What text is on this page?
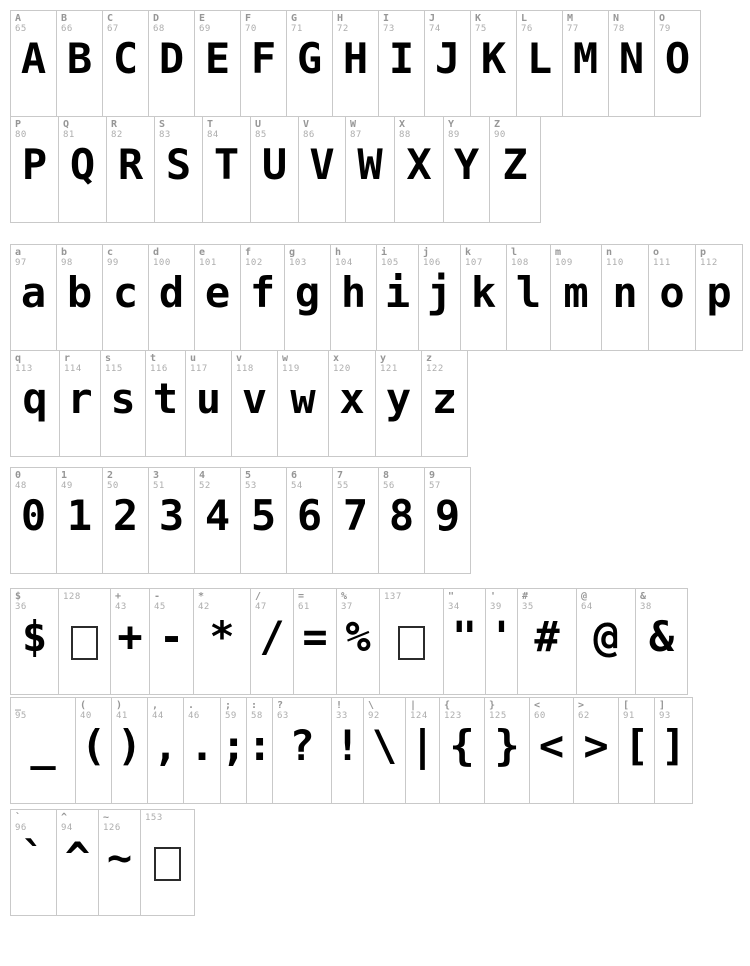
A
65
A
B
66
B
C
67
C
D
68
D
E
69
E
F
70
F
G
71
G
H
72
H
I
73
I
J
74
J
K
75
K
L
76
L
M
77
M
N
78
N
O
79
O
P
80
P
Q
81
Q
R
82
R
S
83
S
T
84
T
U
85
U
V
86
V
W
87
W
X
88
X
Y
89
Y
Z
90
Z
a
97
a
b
98
b
c
99
c
d
100
d
e
101
e
f
102
f
g
103
g
h
104
h
i
105
i
j
106
j
k
107
k
l
108
l
m
109
m
n
110
n
o
111
o
p
112
p
q
113
q
r
114
r
s
115
s
t
116
t
u
117
u
v
118
v
w
119
w
x
120
x
y
121
y
z
122
z
0
48
0
1
49
1
2
50
2
3
51
3
4
52
4
5
53
5
6
54
6
7
55
7
8
56
8
9
57
9
$
36
$
128	+
43
+
-
45
-
*
42
*
/
47
/
=
61
=
%
37
%
137	"
34
"
'
39
'
#
35
#
@
64
@
&
38
&
_
95
_
(
40
(
)
41
)
,
44
,
.
46
.
;
59
;
:
58
:
?
63
?
!
33
!
\
92
\
|
124
|
{
123
{
}
125
}
<
60
<
>
62
>
[
91
[
]
93
]
`
96
`
^
94
^
~
126
~
153
